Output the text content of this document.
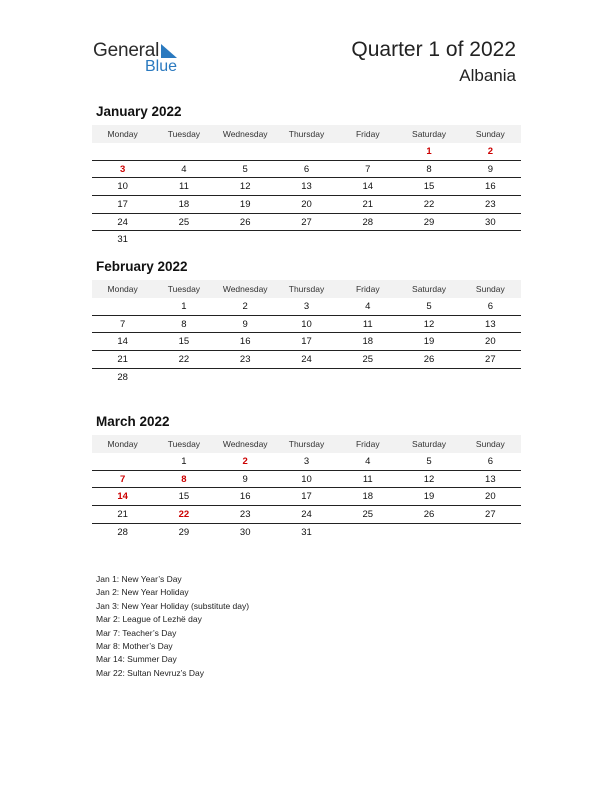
General
Blue
Quarter 1 of 2022
Albania
January 2022
Monday	Tuesday	Wednesday	Thursday	Friday	Saturday	Sunday
					1	2
3	4	5	6	7	8	9
10	11	12	13	14	15	16
17	18	19	20	21	22	23
24	25	26	27	28	29	30
31						
February 2022
Monday	Tuesday	Wednesday	Thursday	Friday	Saturday	Sunday
	1	2	3	4	5	6
7	8	9	10	11	12	13
14	15	16	17	18	19	20
21	22	23	24	25	26	27
28						
March 2022
Monday	Tuesday	Wednesday	Thursday	Friday	Saturday	Sunday
	1	2	3	4	5	6
7	8	9	10	11	12	13
14	15	16	17	18	19	20
21	22	23	24	25	26	27
28	29	30	31			
Jan 1: New Year’s Day
Jan 2: New Year Holiday
Jan 3: New Year Holiday (substitute day)
Mar 2: League of Lezhë day
Mar 7: Teacher’s Day
Mar 8: Mother’s Day
Mar 14: Summer Day
Mar 22: Sultan Nevruz’s Day
